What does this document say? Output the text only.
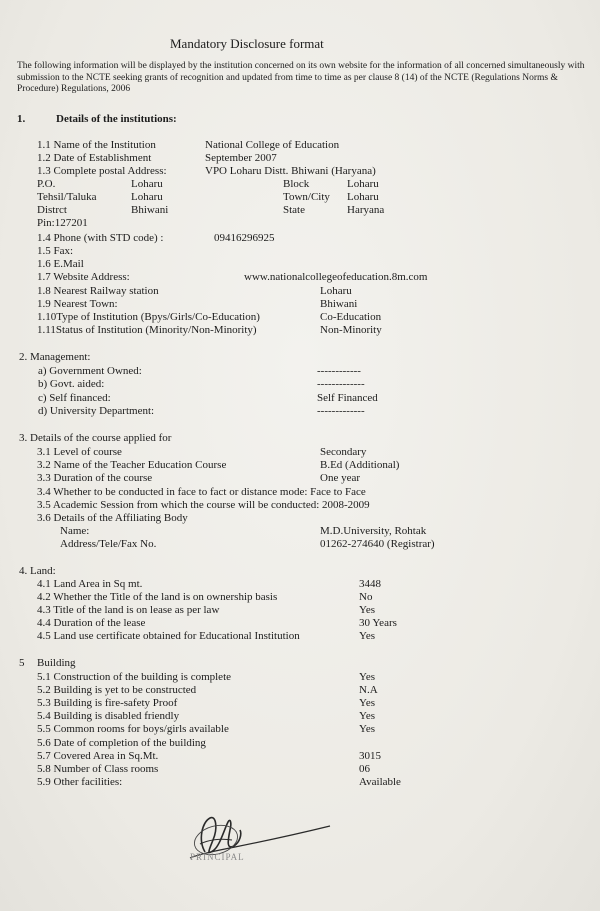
Mandatory Disclosure format
The following information will be displayed by the institution concerned on its own website for the information of all concerned simultaneously with submission to the NCTE seeking grants of recognition and updated from time to time as per clause 8 (14) of the NCTE (Regulations Norms & Procedure) Regulations, 2006
1.	Details of the institutions:
1.1 Name of the Institution	National College of Education
1.2 Date of Establishment	September 2007
1.3 Complete postal Address:	VPO Loharu Distt. Bhiwani (Haryana)
P.O.	Loharu	Block	Loharu
Tehsil/Taluka	Loharu	Town/City Loharu
Distrct	Bhiwani	State	Haryana
Pin:127201
1.4 Phone (with STD code) :	09416296925
1.5 Fax:
1.6 E.Mail
1.7 Website Address:	www.nationalcollegeofeducation.8m.com
1.8 Nearest Railway station	Loharu
1.9 Nearest Town:	Bhiwani
1.10Type of Institution (Bpys/Girls/Co-Education)	Co-Education
1.11Status of Institution (Minority/Non-Minority)	Non-Minority
2. Management:
a) Government Owned:	------------
b) Govt. aided:	-------------
c) Self financed:	Self Financed
d) University Department:	-------------
3. Details of the course applied for
3.1 Level of course	Secondary
3.2 Name of the Teacher Education Course	B.Ed (Additional)
3.3 Duration of the course	One year
3.4 Whether to be conducted in face to fact or distance mode: Face to Face
3.5 Academic Session from which the course will be conducted: 2008-2009
3.6 Details of the Affiliating Body
Name:	M.D.University, Rohtak
Address/Tele/Fax No.	01262-274640 (Registrar)
4. Land:
4.1 Land Area in Sq mt.	3448
4.2 Whether the Title of the land is on ownership basis	No
4.3 Title of the land is on lease as per law	Yes
4.4 Duration of the lease	30 Years
4.5 Land use certificate obtained for Educational Institution	Yes
5 Building
5.1 Construction of the building is complete	Yes
5.2 Building is yet to be constructed	N.A
5.3 Building is fire-safety Proof	Yes
5.4 Building is disabled friendly	Yes
5.5 Common rooms for boys/girls available	Yes
5.6 Date of completion of the building
5.7 Covered Area in Sq.Mt.	3015
5.8 Number of Class rooms	06
5.9 Other facilities:	Available
PRINCIPAL
